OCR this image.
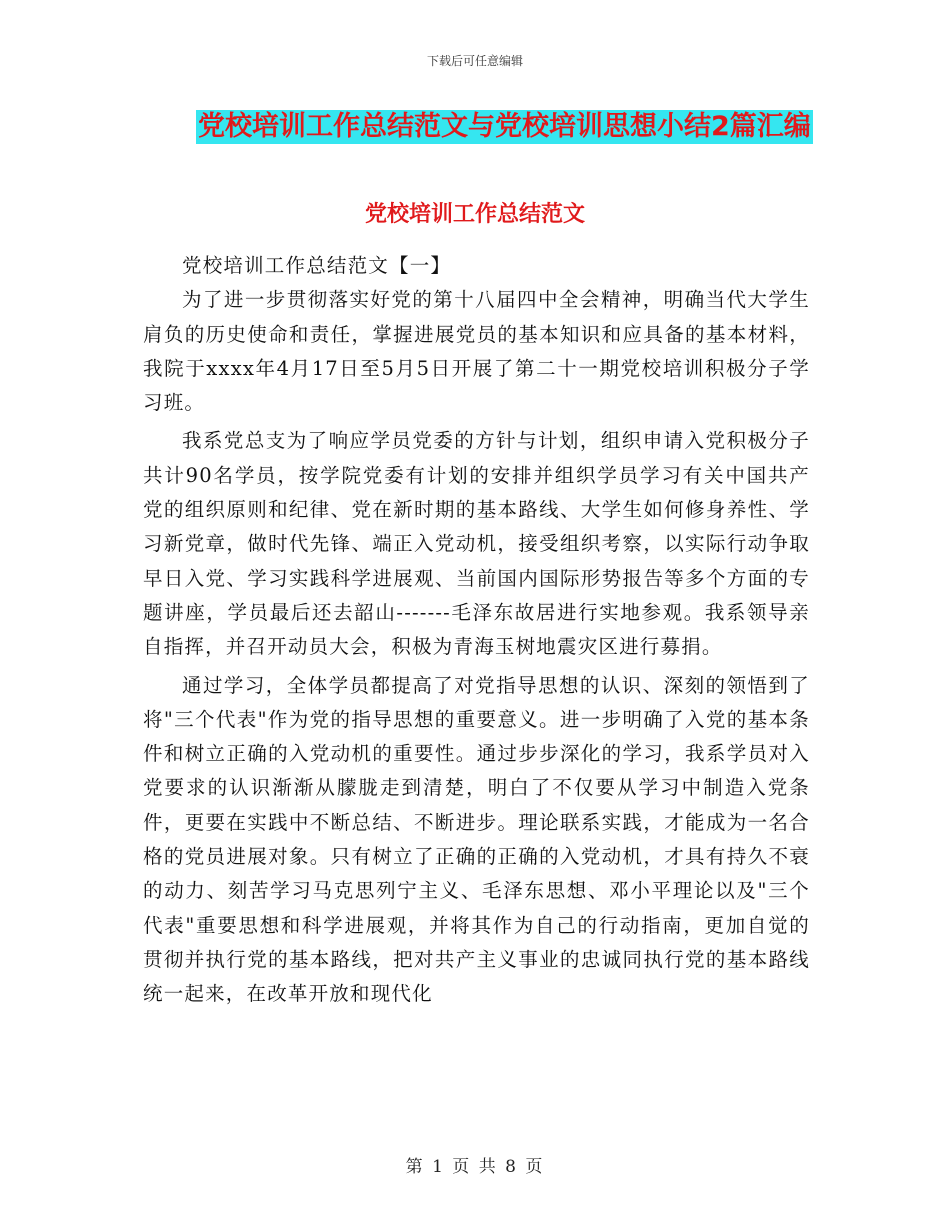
下载后可任意编辑
党校培训工作总结范文与党校培训思想小结2篇汇编
党校培训工作总结范文

党校培训工作总结范文【一】

为了进一步贯彻落实好党的第十八届四中全会精神，明确当代大学生肩负的历史使命和责任，掌握进展党员的基本知识和应具备的基本材料，我院于xxxx年4月17日至5月5日开展了第二十一期党校培训积极分子学习班。

我系党总支为了响应学员党委的方针与计划，组织申请入党积极分子共计90名学员，按学院党委有计划的安排并组织学员学习有关中国共产党的组织原则和纪律、党在新时期的基本路线、大学生如何修身养性、学习新党章，做时代先锋、端正入党动机，接受组织考察，以实际行动争取早日入党、学习实践科学进展观、当前国内国际形势报告等多个方面的专题讲座，学员最后还去韶山-------毛泽东故居进行实地参观。我系领导亲自指挥，并召开动员大会，积极为青海玉树地震灾区进行募捐。

通过学习，全体学员都提高了对党指导思想的认识、深刻的领悟到了将"三个代表"作为党的指导思想的重要意义。进一步明确了入党的基本条件和树立正确的入党动机的重要性。通过步步深化的学习，我系学员对入党要求的认识渐渐从朦胧走到清楚，明白了不仅要从学习中制造入党条件，更要在实践中不断总结、不断进步。理论联系实践，才能成为一名合格的党员进展对象。只有树立了正确的正确的入党动机，才具有持久不衰的动力、刻苦学习马克思列宁主义、毛泽东思想、邓小平理论以及"三个代表"重要思想和科学进展观，并将其作为自己的行动指南，更加自觉的贯彻并执行党的基本路线，把对共产主义事业的忠诚同执行党的基本路线统一起来，在改革开放和现代化

第 1 页 共 8 页
